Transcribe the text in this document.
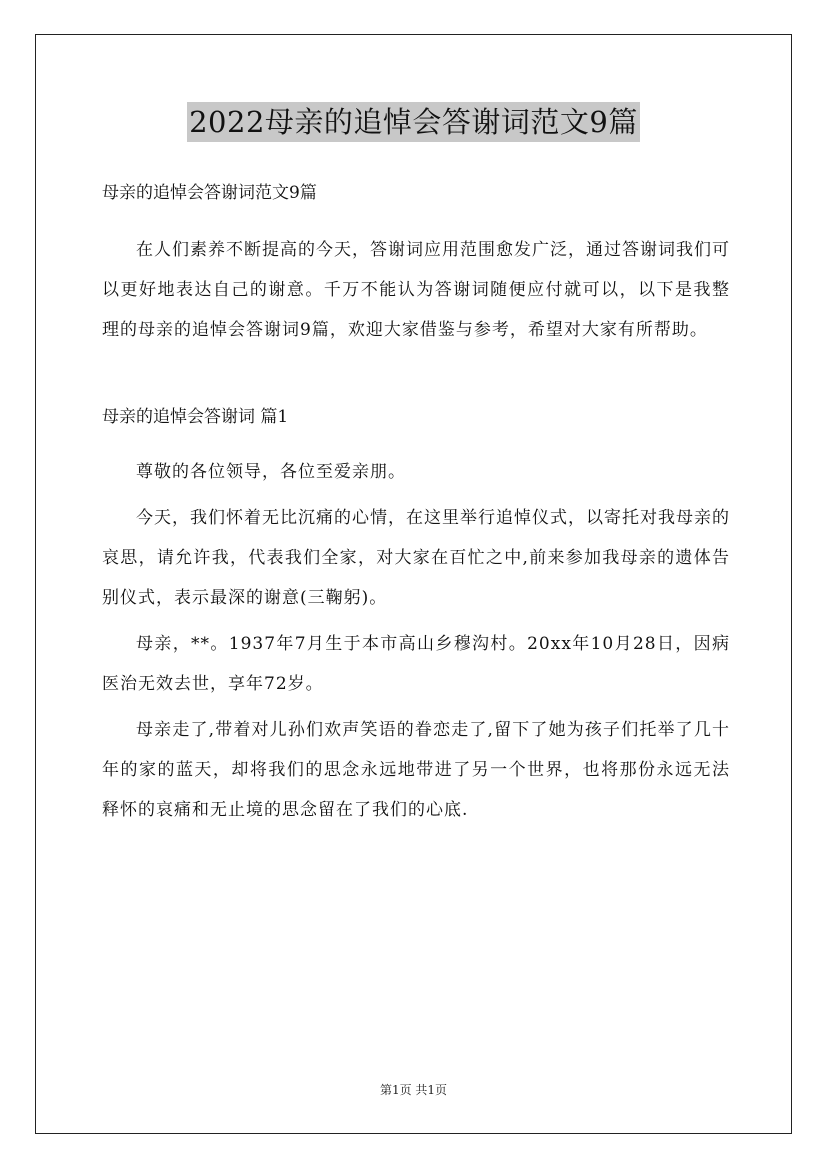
2022母亲的追悼会答谢词范文9篇

母亲的追悼会答谢词范文9篇

在人们素养不断提高的今天，答谢词应用范围愈发广泛，通过答谢词我们可以更好地表达自己的谢意。千万不能认为答谢词随便应付就可以，以下是我整理的母亲的追悼会答谢词9篇，欢迎大家借鉴与参考，希望对大家有所帮助。

母亲的追悼会答谢词 篇1

尊敬的各位领导，各位至爱亲朋。

今天，我们怀着无比沉痛的心情，在这里举行追悼仪式，以寄托对我母亲的哀思，请允许我，代表我们全家，对大家在百忙之中,前来参加我母亲的遗体告别仪式，表示最深的谢意(三鞠躬)。

母亲，**。1937年7月生于本市高山乡穆沟村。20xx年10月28日，因病医治无效去世，享年72岁。

母亲走了,带着对儿孙们欢声笑语的眷恋走了,留下了她为孩子们托举了几十年的家的蓝天，却将我们的思念永远地带进了另一个世界，也将那份永远无法释怀的哀痛和无止境的思念留在了我们的心底.

第1页 共1页
